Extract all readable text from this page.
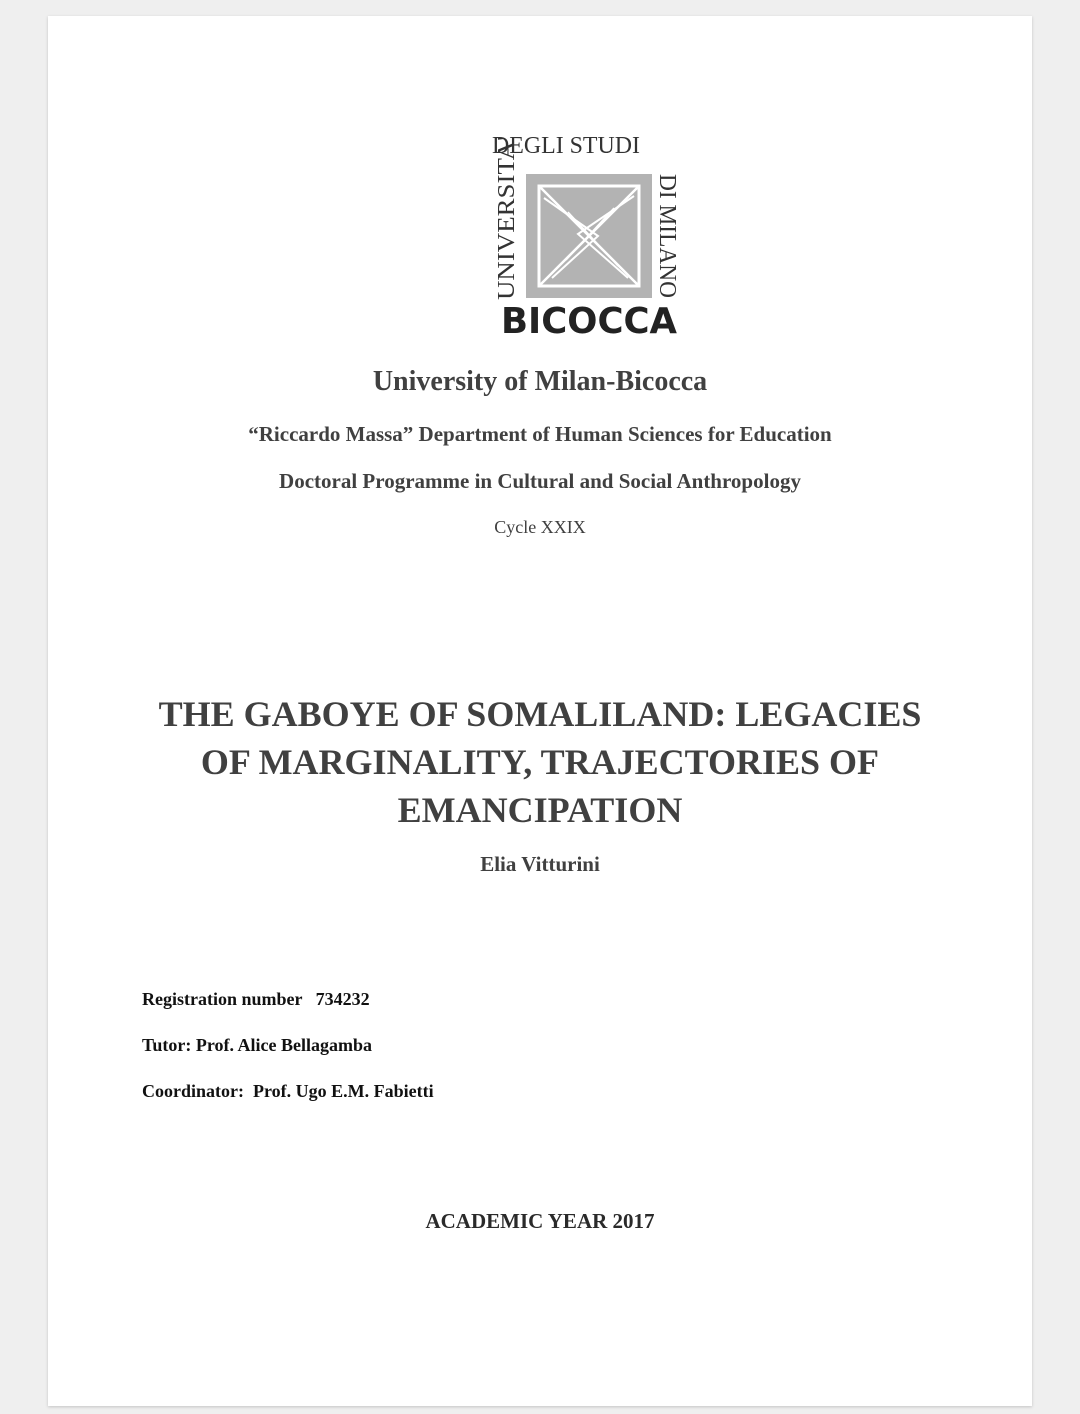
DEGLI STUDI
UNIVERSITA'	DI MILANO
BICOCCA
University of Milan-Bicocca
“Riccardo Massa” Department of Human Sciences for Education
Doctoral Programme in Cultural and Social Anthropology
Cycle XXIX
THE GABOYE OF SOMALILAND: LEGACIES OF MARGINALITY, TRAJECTORIES OF EMANCIPATION
Elia Vitturini
Registration number   734232
Tutor: Prof. Alice Bellagamba
Coordinator:  Prof. Ugo E.M. Fabietti
ACADEMIC YEAR 2017
